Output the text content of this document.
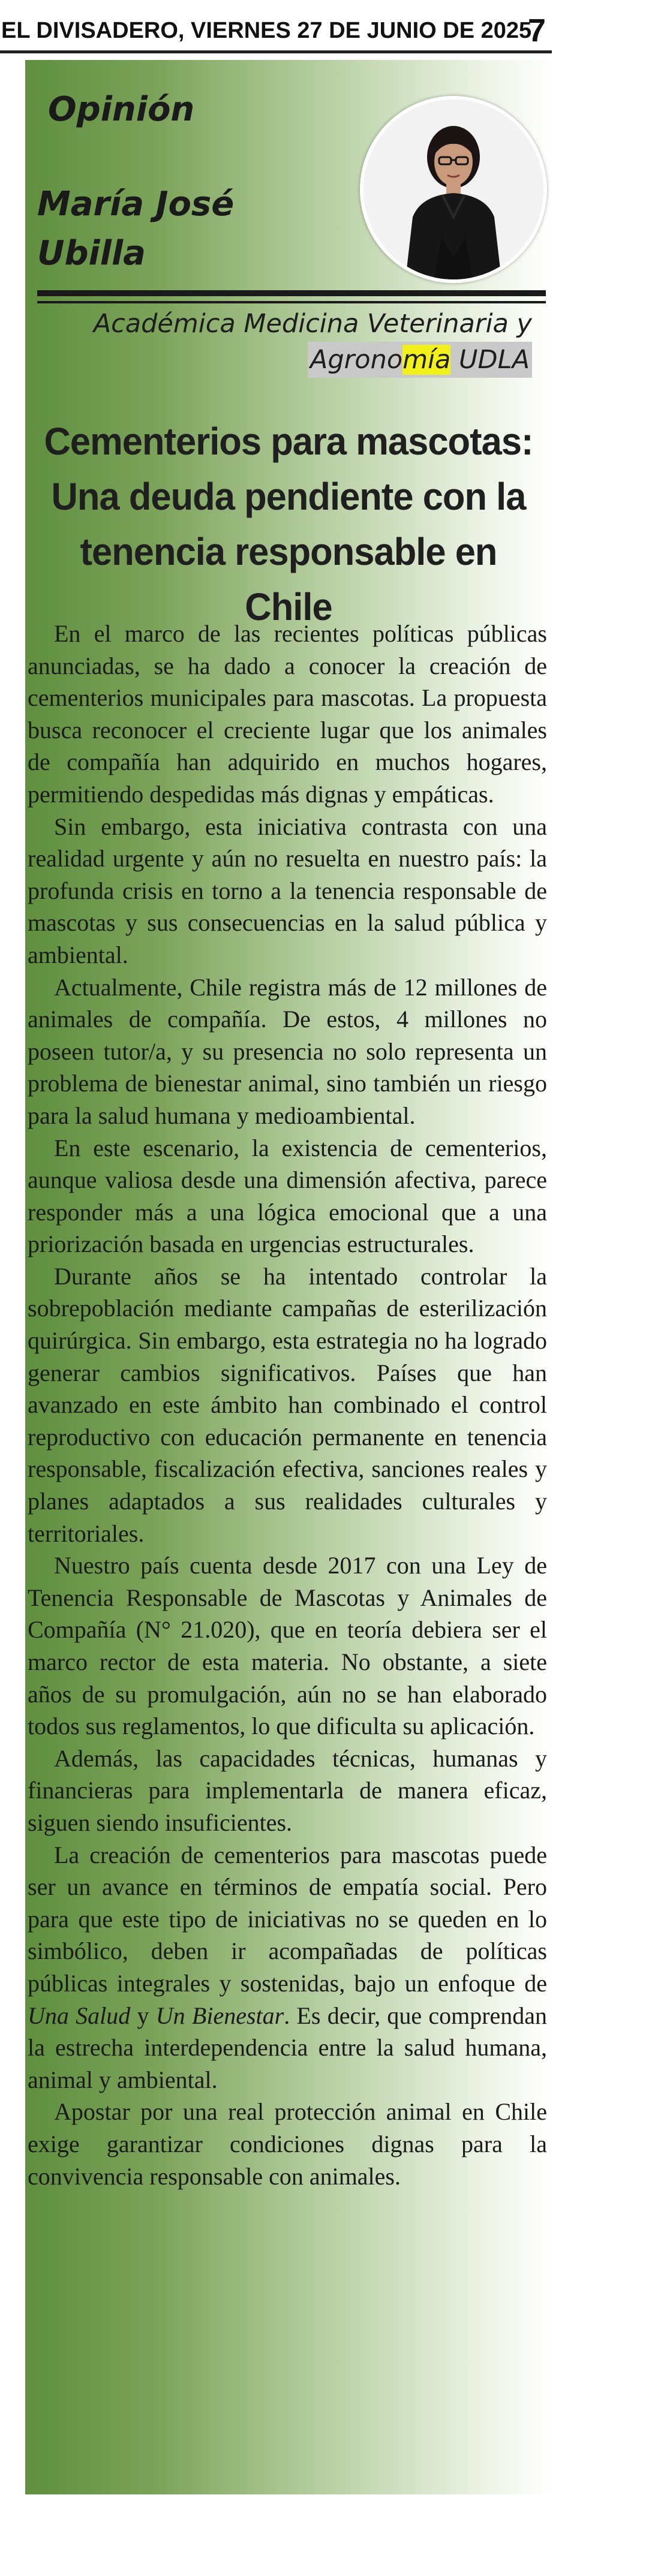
EL DIVISADERO, VIERNES 27 DE JUNIO DE 2025
7
Opinión
María José
Ubilla
Académica Medicina Veterinaria y
Agronomía UDLA
Cementerios para mascotas:
Una deuda pendiente con la
tenencia responsable en Chile

En el marco de las recientes políticas públicas anunciadas, se ha dado a conocer la creación de cementerios municipales para mascotas. La propuesta busca reconocer el creciente lugar que los animales de compañía han adquirido en muchos hogares, permitiendo despedidas más dignas y empáticas.

Sin embargo, esta iniciativa contrasta con una realidad urgente y aún no resuelta en nuestro país: la profunda crisis en torno a la tenencia responsable de mascotas y sus consecuencias en la salud pública y ambiental.

Actualmente, Chile registra más de 12 millones de animales de compañía. De estos, 4 millones no poseen tutor/a, y su presencia no solo representa un problema de bienestar animal, sino también un riesgo para la salud humana y medioambiental.

En este escenario, la existencia de cementerios, aunque valiosa desde una dimensión afectiva, parece responder más a una lógica emocional que a una priorización basada en urgencias estructurales.

Durante años se ha intentado controlar la sobrepoblación mediante campañas de esterilización quirúrgica. Sin embargo, esta estrategia no ha logrado generar cambios significativos. Países que han avanzado en este ámbito han combinado el control reproductivo con educación permanente en tenencia responsable, fiscalización efectiva, sanciones reales y planes adaptados a sus realidades culturales y territoriales.

Nuestro país cuenta desde 2017 con una Ley de Tenencia Responsable de Mascotas y Animales de Compañía (N° 21.020), que en teoría debiera ser el marco rector de esta materia. No obstante, a siete años de su promulgación, aún no se han elaborado todos sus reglamentos, lo que dificulta su aplicación.

Además, las capacidades técnicas, humanas y financieras para implementarla de manera eficaz, siguen siendo insuficientes.

La creación de cementerios para mascotas puede ser un avance en términos de empatía social. Pero para que este tipo de iniciativas no se queden en lo simbólico, deben ir acompañadas de políticas públicas integrales y sostenidas, bajo un enfoque de Una Salud y Un Bienestar. Es decir, que comprendan la estrecha interdependencia entre la salud humana, animal y ambiental.

Apostar por una real protección animal en Chile exige garantizar condiciones dignas para la convivencia responsable con animales.
